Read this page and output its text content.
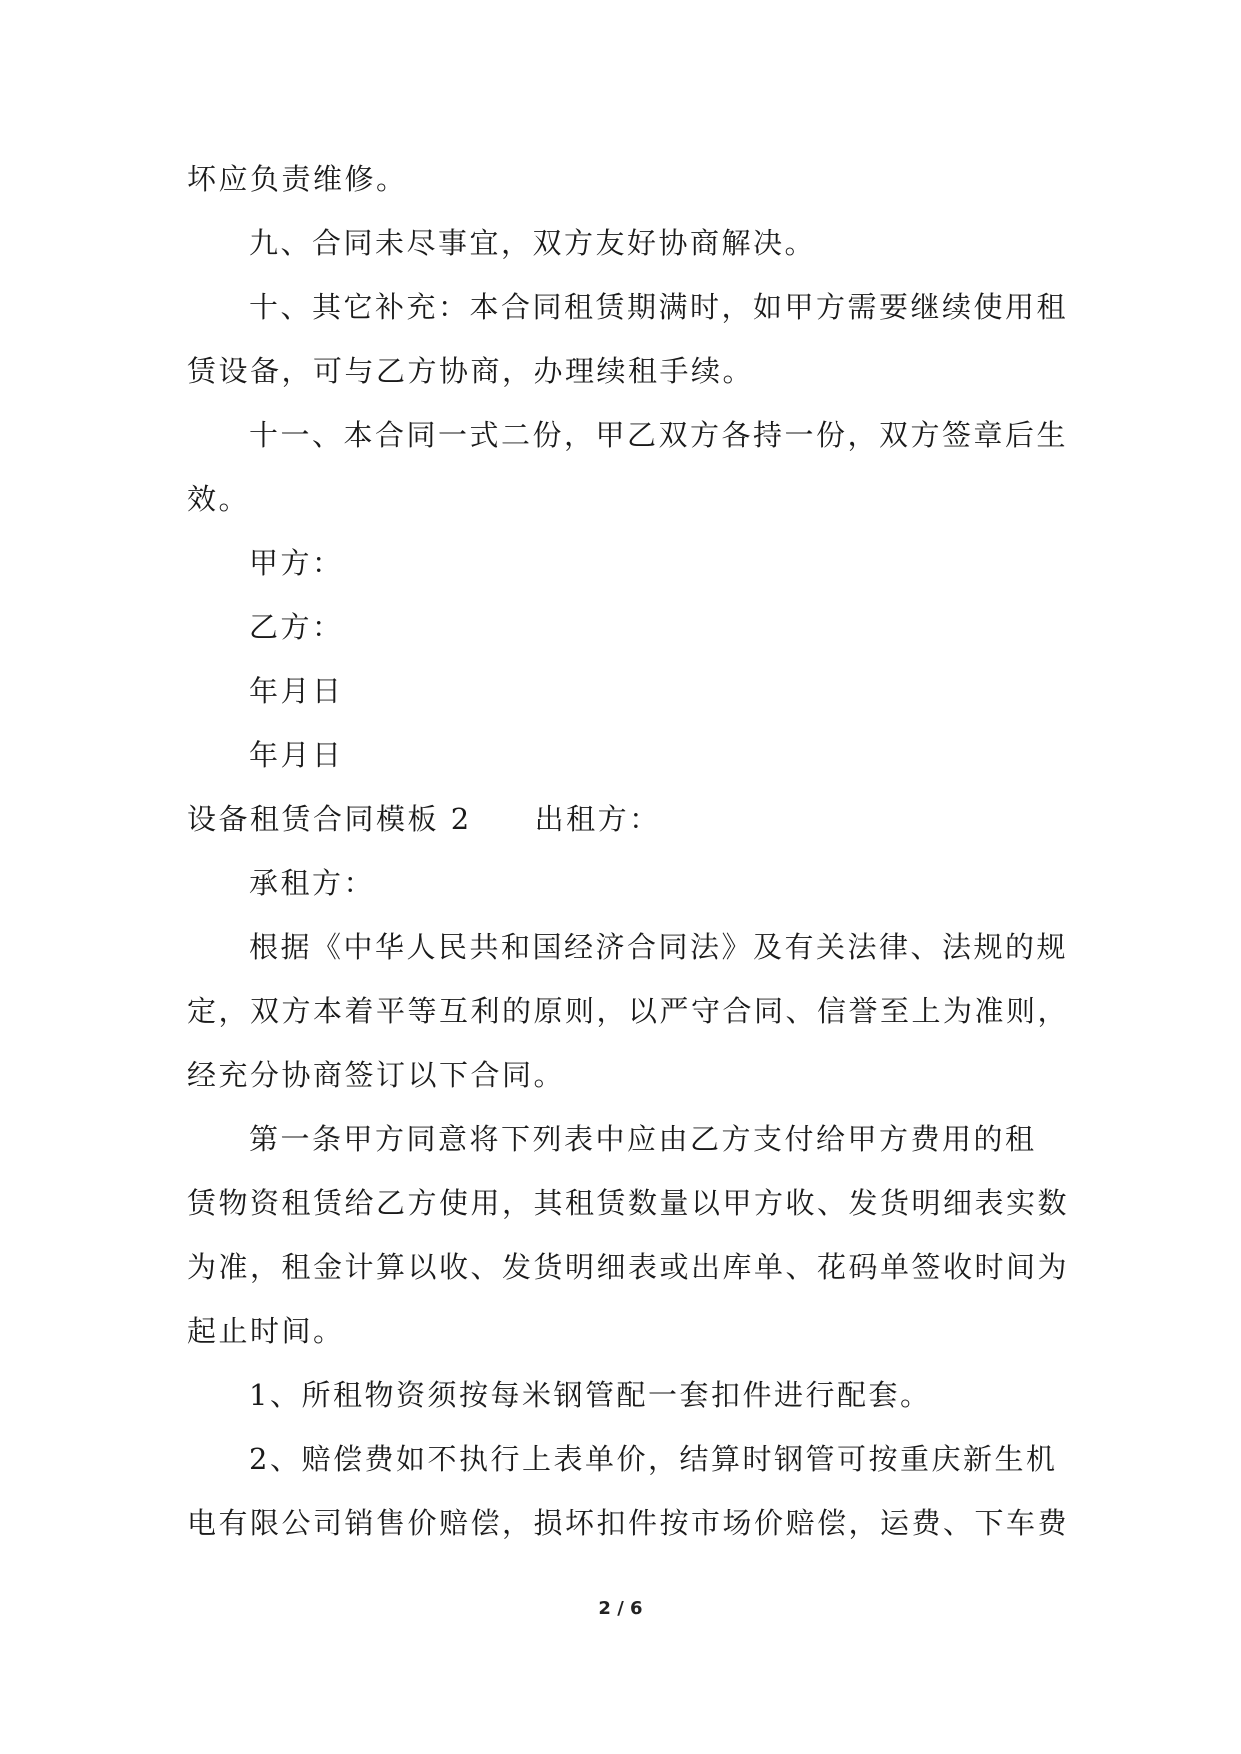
坏应负责维修。
九、合同未尽事宜，双方友好协商解决。
十、其它补充：本合同租赁期满时，如甲方需要继续使用租
赁设备，可与乙方协商，办理续租手续。
十一、本合同一式二份，甲乙双方各持一份，双方签章后生
效。
甲方：
乙方：
年月日
年月日
设备租赁合同模板 2　　出租方：
承租方：
根据《中华人民共和国经济合同法》及有关法律、法规的规
定，双方本着平等互利的原则，以严守合同、信誉至上为准则，
经充分协商签订以下合同。
第一条甲方同意将下列表中应由乙方支付给甲方费用的租
赁物资租赁给乙方使用，其租赁数量以甲方收、发货明细表实数
为准，租金计算以收、发货明细表或出库单、花码单签收时间为
起止时间。
1、所租物资须按每米钢管配一套扣件进行配套。
2、赔偿费如不执行上表单价，结算时钢管可按重庆新生机
电有限公司销售价赔偿，损坏扣件按市场价赔偿，运费、下车费
2 / 6
